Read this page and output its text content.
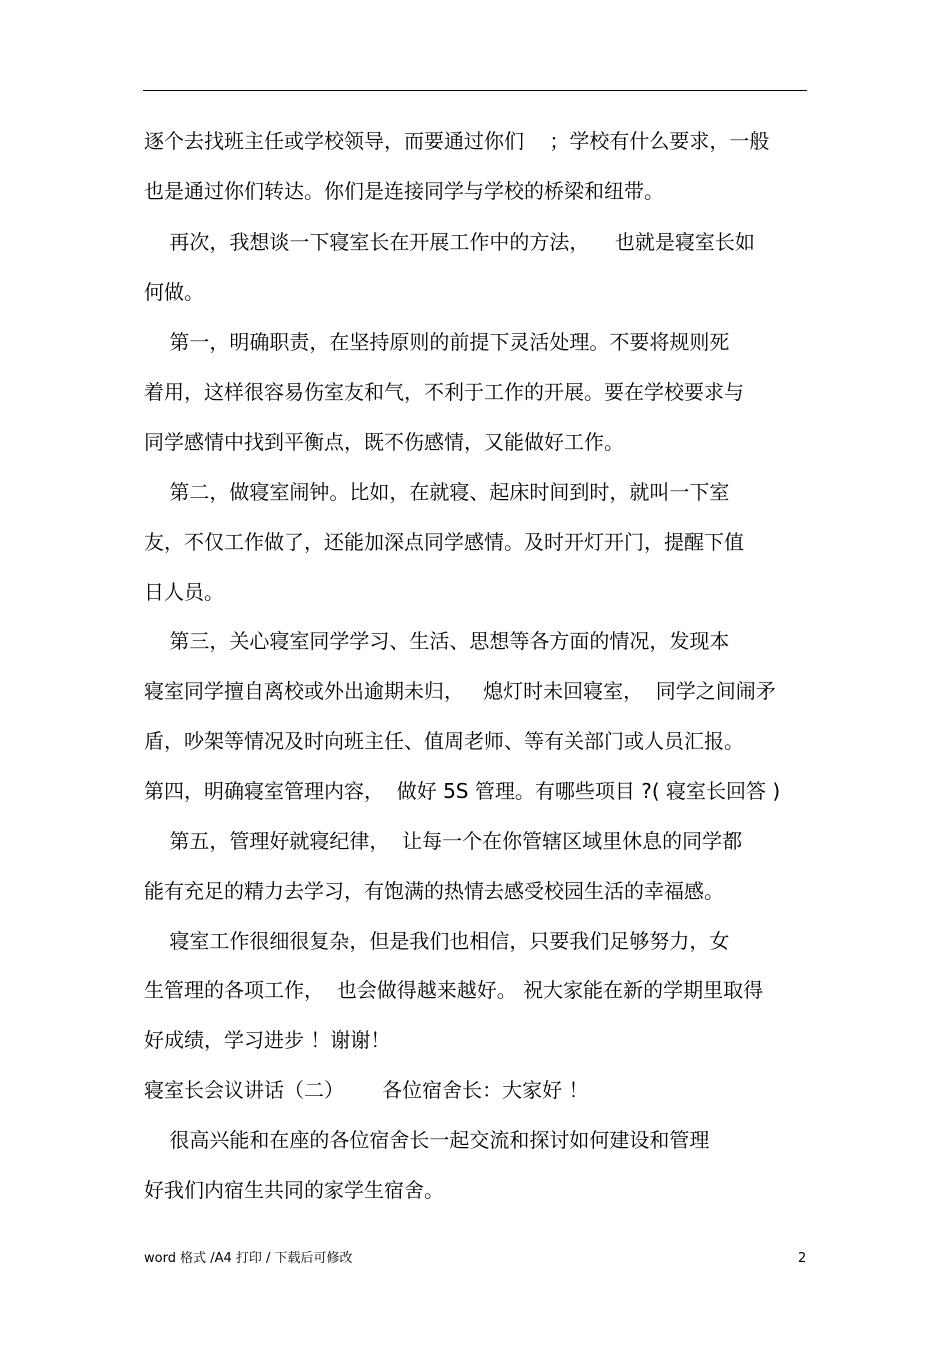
逐个去找班主任或学校领导，而要通过你们    ；学校有什么要求，一般
也是通过你们转达。你们是连接同学与学校的桥梁和纽带。
再次，我想谈一下寝室长在开展工作中的方法，    也就是寝室长如
何做。
第一，明确职责，在坚持原则的前提下灵活处理。不要将规则死
着用，这样很容易伤室友和气，不利于工作的开展。要在学校要求与
同学感情中找到平衡点，既不伤感情，又能做好工作。
第二，做寝室闹钟。比如，在就寝、起床时间到时，就叫一下室
友，不仅工作做了，还能加深点同学感情。及时开灯开门，提醒下值
日人员。
第三，关心寝室同学学习、生活、思想等各方面的情况，发现本
寝室同学擅自离校或外出逾期未归，   熄灯时未回寝室，  同学之间闹矛
盾，吵架等情况及时向班主任、值周老师、等有关部门或人员汇报。
第四，明确寝室管理内容，  做好 5S 管理。有哪些项目 ?( 寝室长回答 )
第五，管理好就寝纪律，  让每一个在你管辖区域里休息的同学都
能有充足的精力去学习，有饱满的热情去感受校园生活的幸福感。
寝室工作很细很复杂，但是我们也相信，只要我们足够努力，女
生管理的各项工作，  也会做得越来越好。 祝大家能在新的学期里取得
好成绩，学习进步 ！谢谢！
寝室长会议讲话（二）      各位宿舍长：大家好 ！
很高兴能和在座的各位宿舍长一起交流和探讨如何建设和管理
好我们内宿生共同的家学生宿舍。
word 格式 /A4 打印 / 下载后可修改	2
